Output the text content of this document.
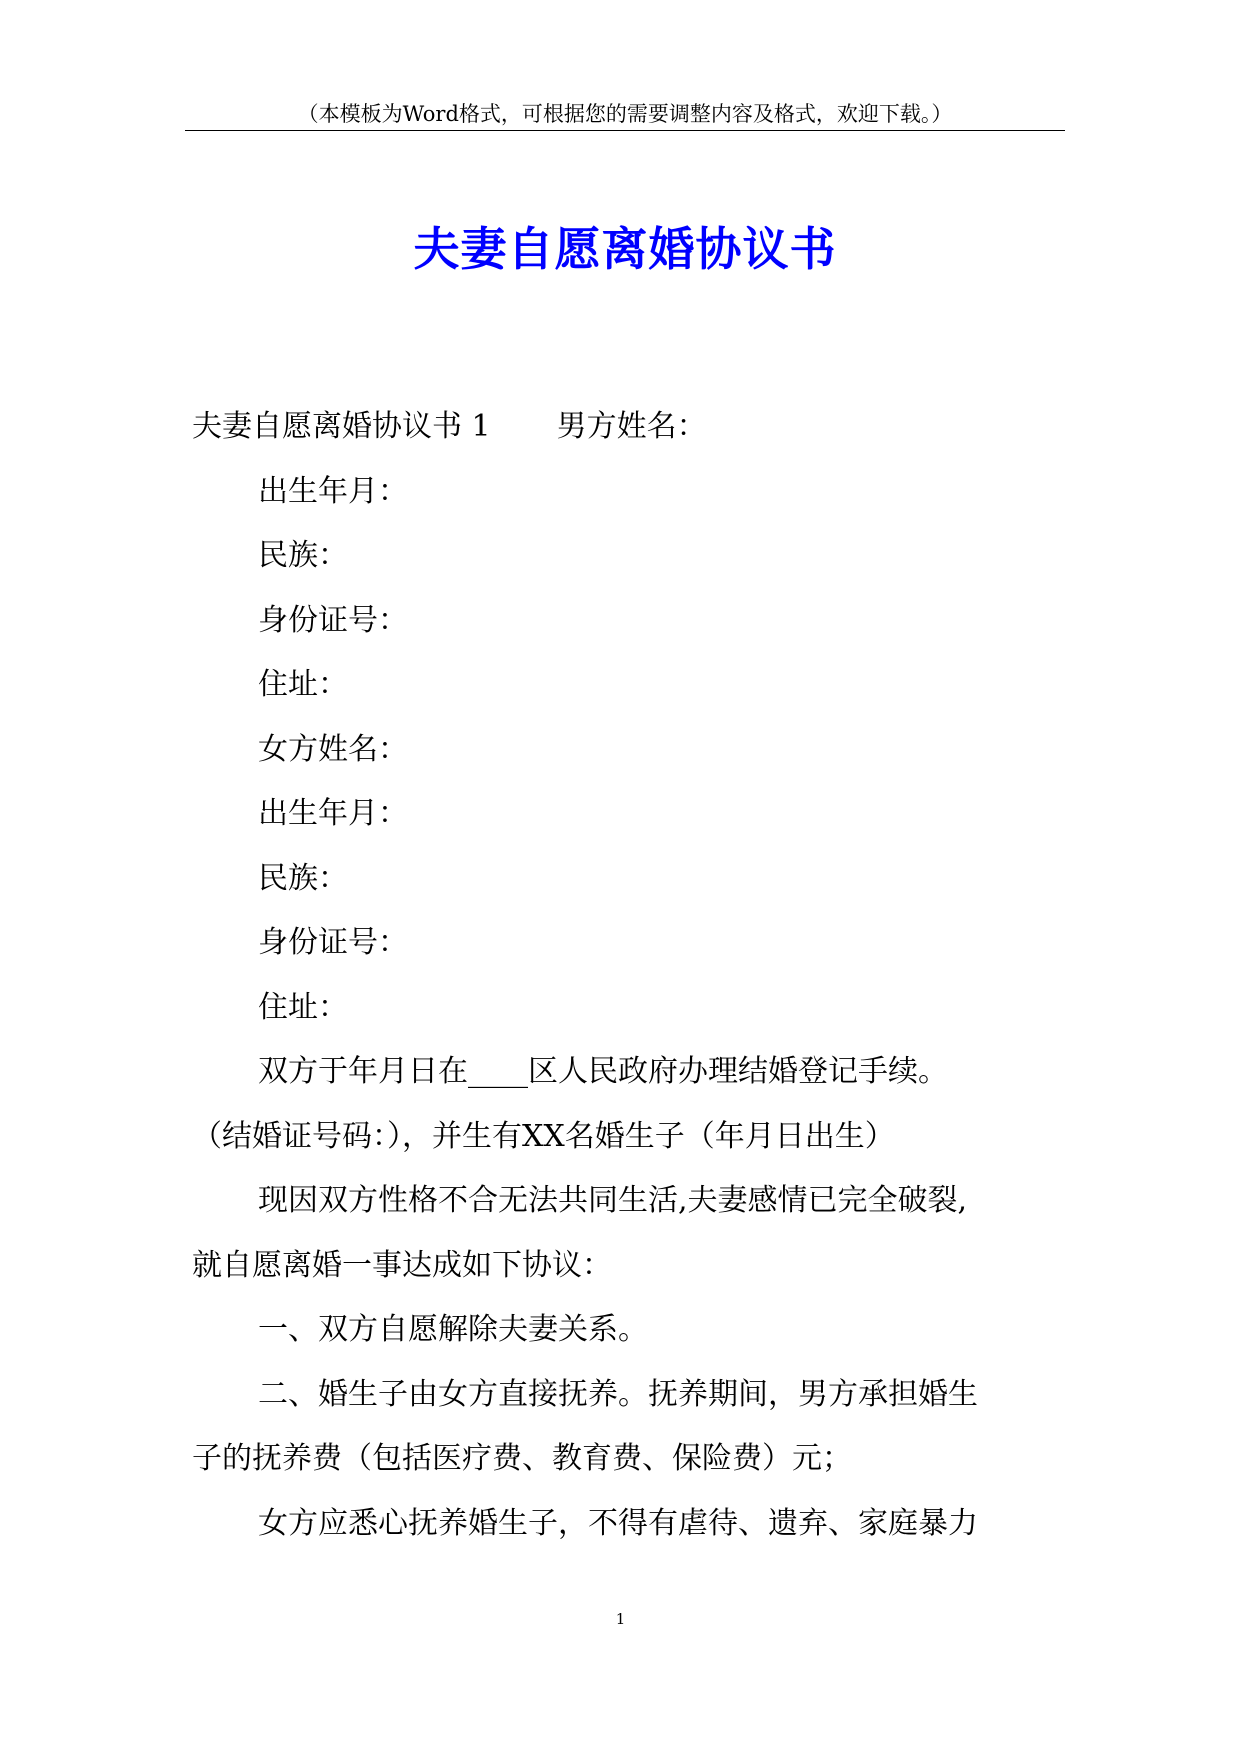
（本模板为Word格式，可根据您的需要调整内容及格式，欢迎下载。）
夫妻自愿离婚协议书

夫妻自愿离婚协议书 1 男方姓名：

出生年月：

民族：

身份证号：

住址：

女方姓名：

出生年月：

民族：

身份证号：

住址：

双方于年月日在____区人民政府办理结婚登记手续。

（结婚证号码：），并生有XX名婚生子（年月日出生）

现因双方性格不合无法共同生活,夫妻感情已完全破裂,

就自愿离婚一事达成如下协议：

一、双方自愿解除夫妻关系。

二、婚生子由女方直接抚养。抚养期间，男方承担婚生

子的抚养费（包括医疗费、教育费、保险费）元；

女方应悉心抚养婚生子，不得有虐待、遗弃、家庭暴力

1
